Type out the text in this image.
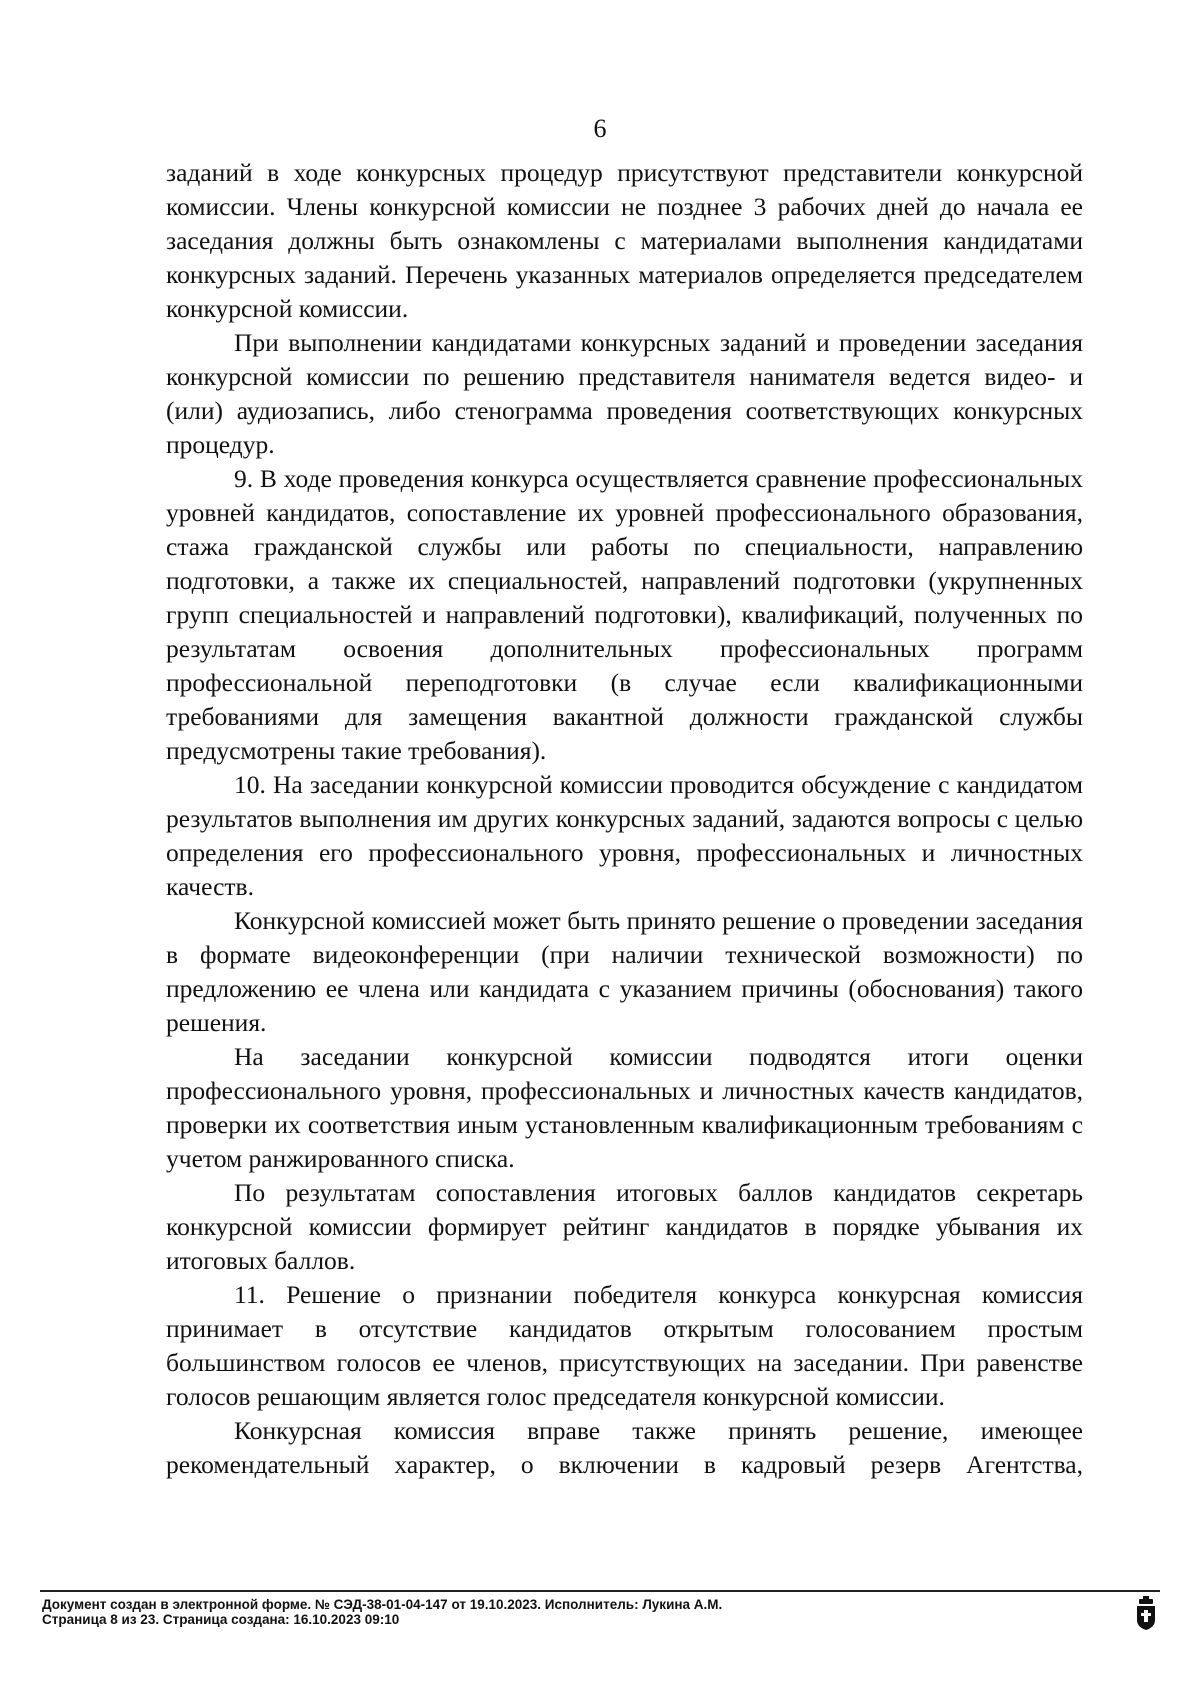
6

заданий в ходе конкурсных процедур присутствуют представители конкурсной комиссии. Члены конкурсной комиссии не позднее 3 рабочих дней до начала ее заседания должны быть ознакомлены с материалами выполнения кандидатами конкурсных заданий. Перечень указанных материалов определяется председателем конкурсной комиссии.

При выполнении кандидатами конкурсных заданий и проведении заседания конкурсной комиссии по решению представителя нанимателя ведется видео- и (или) аудиозапись, либо стенограмма проведения соответствующих конкурсных процедур.

9. В ходе проведения конкурса осуществляется сравнение профессиональных уровней кандидатов, сопоставление их уровней профессионального образования, стажа гражданской службы или работы по специальности, направлению подготовки, а также их специальностей, направлений подготовки (укрупненных групп специальностей и направлений подготовки), квалификаций, полученных по результатам освоения дополнительных профессиональных программ профессиональной переподготовки (в случае если квалификационными требованиями для замещения вакантной должности гражданской службы предусмотрены такие требования).

10. На заседании конкурсной комиссии проводится обсуждение с кандидатом результатов выполнения им других конкурсных заданий, задаются вопросы с целью определения его профессионального уровня, профессиональных и личностных качеств.

Конкурсной комиссией может быть принято решение о проведении заседания в формате видеоконференции (при наличии технической возможности) по предложению ее члена или кандидата с указанием причины (обоснования) такого решения.

На заседании конкурсной комиссии подводятся итоги оценки профессионального уровня, профессиональных и личностных качеств кандидатов, проверки их соответствия иным установленным квалификационным требованиям с учетом ранжированного списка.

По результатам сопоставления итоговых баллов кандидатов секретарь конкурсной комиссии формирует рейтинг кандидатов в порядке убывания их итоговых баллов.

11. Решение о признании победителя конкурса конкурсная комиссия принимает в отсутствие кандидатов открытым голосованием простым большинством голосов ее членов, присутствующих на заседании. При равенстве голосов решающим является голос председателя конкурсной комиссии.

Конкурсная комиссия вправе также принять решение, имеющее рекомендательный характер, о включении в кадровый резерв Агентства,

Документ создан в электронной форме. № СЭД-38-01-04-147 от 19.10.2023. Исполнитель: Лукина А.М.
Страница 8 из 23. Страница создана: 16.10.2023 09:10
